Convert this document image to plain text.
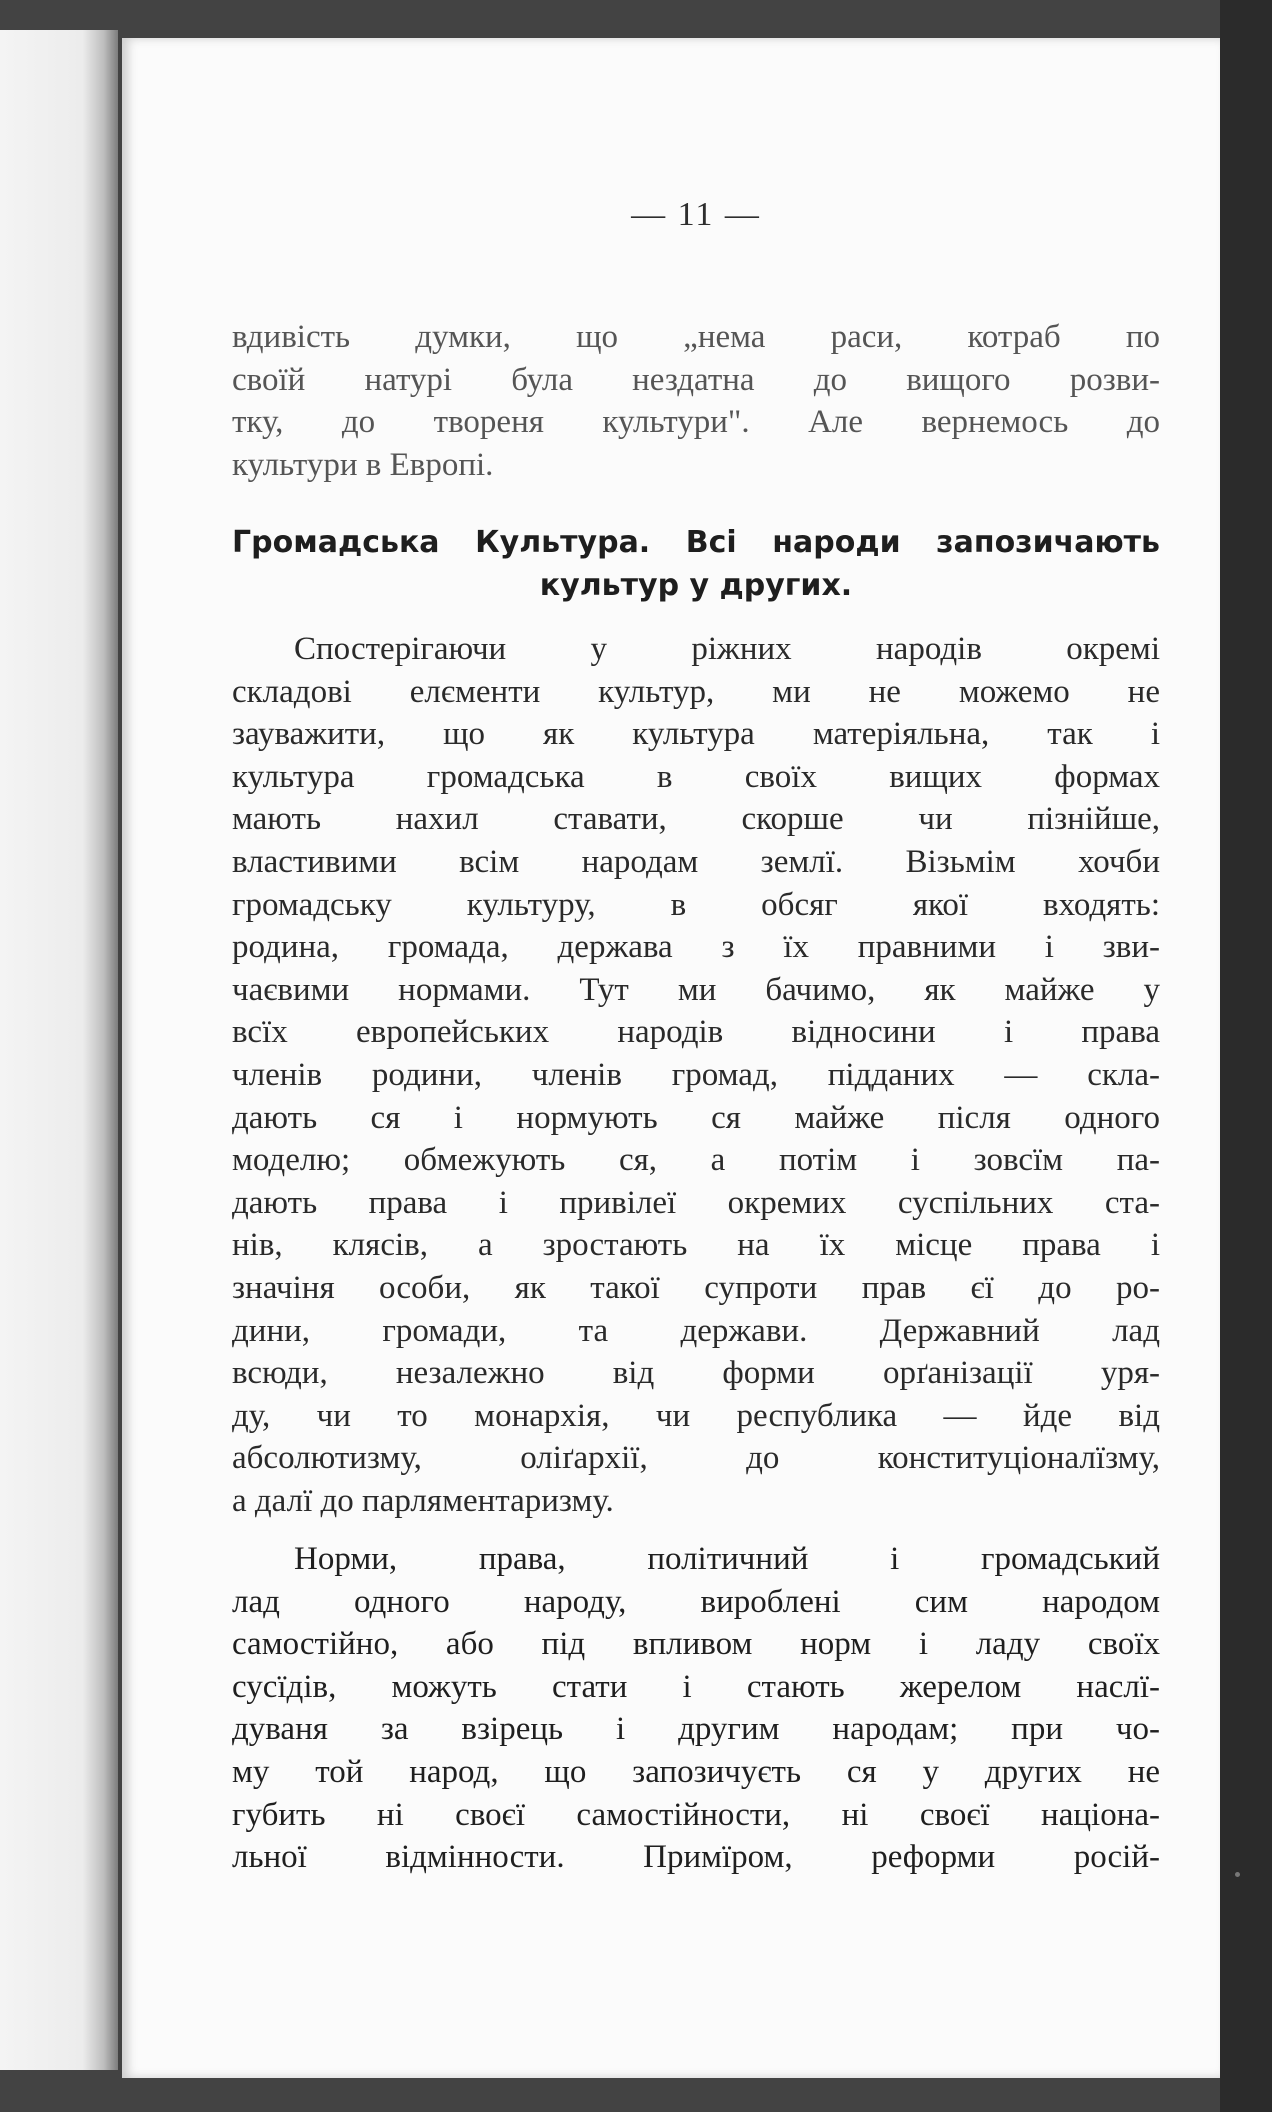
— 11 —
вдивість думки, що „нема раси, котраб по
своїй натурі була нездатна до вищого розви-
тку, до твореня культури". Але вернемось до
культури в Европі.
Громадська Культура. Всі народи запозичають
культур у других.
Спостерігаючи у ріжних народів окремі
складові елєменти культур, ми не можемо не
зауважити, що як культура матеріяльна, так і
культура громадська в своїх вищих формах
мають нахил ставати, скорше чи пізнійше,
властивими всім народам землї. Візьмім хочби
громадську культуру, в обсяг якої входять:
родина, громада, держава з їх правними і зви-
чаєвими нормами. Тут ми бачимо, як майже у
всїх европейських народів відносини і права
членів родини, членів громад, підданих — скла-
дають ся і нормують ся майже після одного
моделю; обмежують ся, а потім і зовсїм па-
дають права і привілеї окремих суспільних ста-
нів, клясів, а зростають на їх місце права і
значіня особи, як такої супроти прав єї до ро-
дини, громади, та держави. Державний лад
всюди, незалежно від форми орґанізації уря-
ду, чи то монархія, чи республика — йде від
абсолютизму, оліґархії, до конституціоналїзму,
а далї до парляментаризму.
Норми, права, політичний і громадський
лад одного народу, вироблені сим народом
самостійно, або під впливом норм і ладу своїх
сусїдів, можуть стати і стають жерелом наслї-
дуваня за взірець і другим народам; при чо-
му той народ, що запозичуєть ся у других не
губить ні своєї самостійности, ні своєї націона-
льної відмінности. Примїром, реформи росій-
